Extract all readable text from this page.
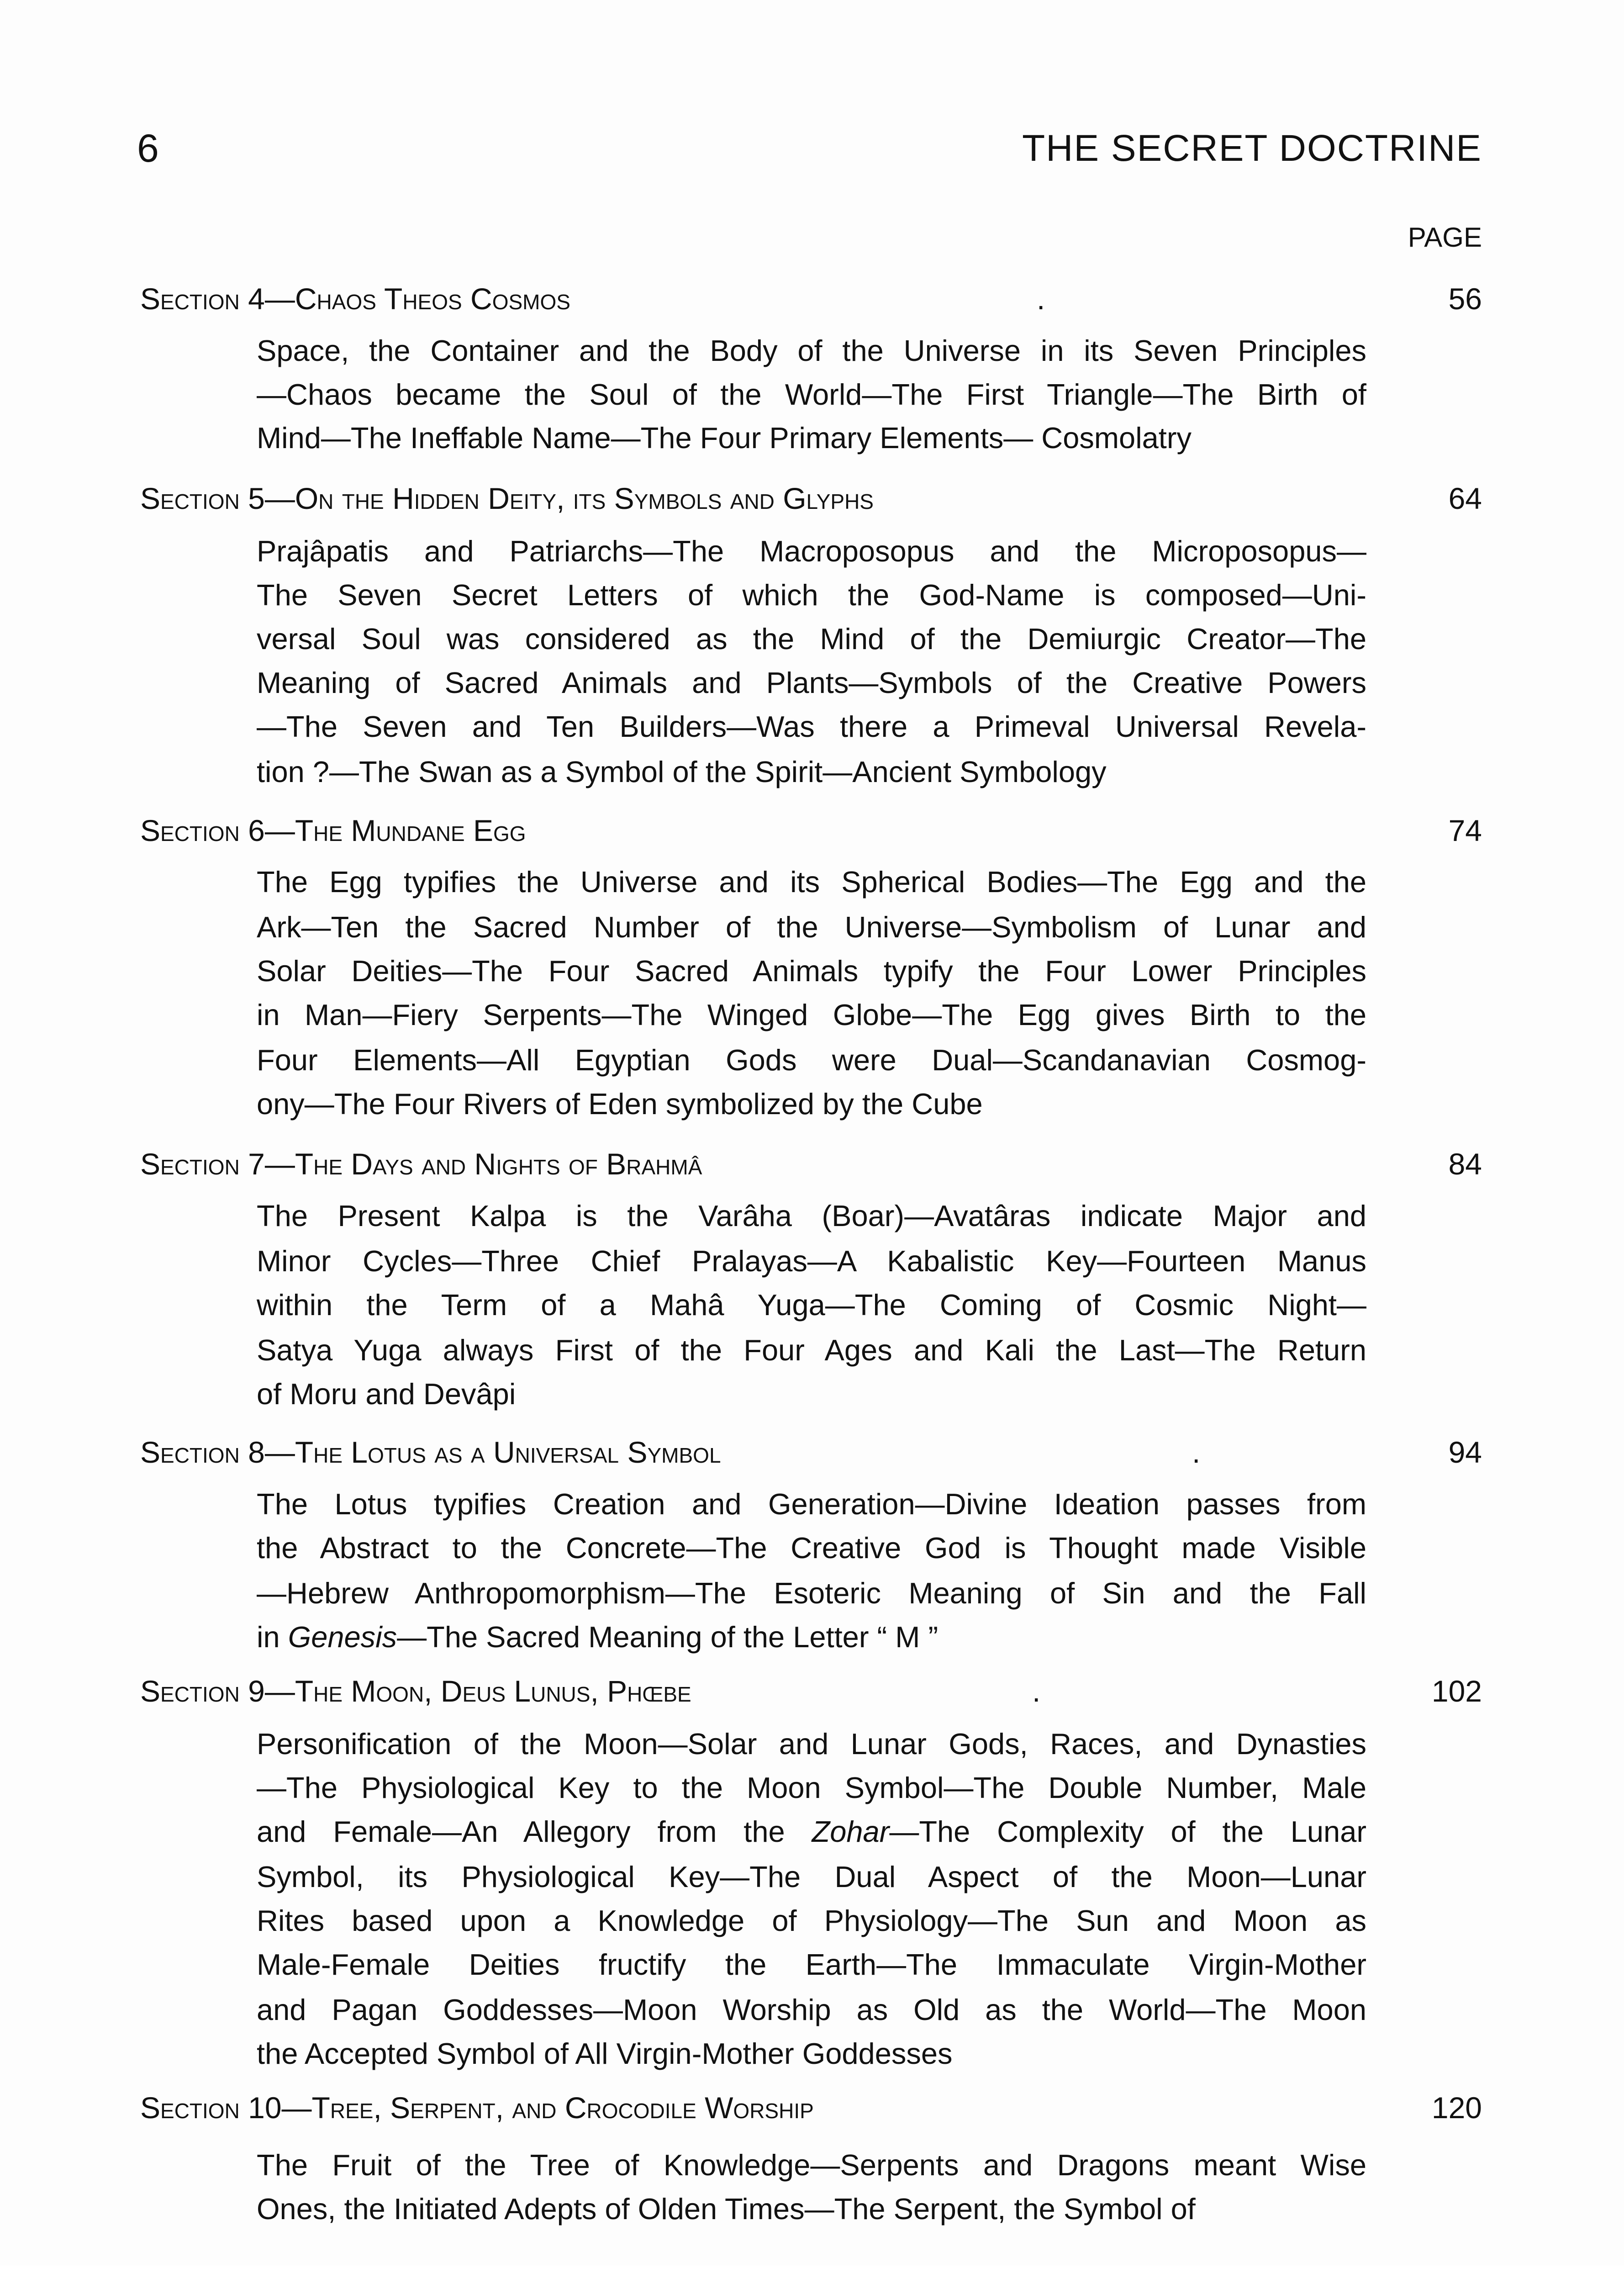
6	THE SECRET DOCTRINE
PAGE
Section 4—Chaos Theos Cosmos	.	56
Space, the Container and the Body of the Universe in its Seven Principles
—Chaos became the Soul of the World—The First Triangle—The Birth of
Mind—The Ineffable Name—The Four Primary Elements— Cosmolatry
Section 5—On the Hidden Deity, its Symbols and Glyphs	64
Prajâpatis and Patriarchs—The Macroposopus and the Microposopus—
The Seven Secret Letters of which the God-Name is composed—Uni-
versal Soul was considered as the Mind of the Demiurgic Creator—The
Meaning of Sacred Animals and Plants—Symbols of the Creative Powers
—The Seven and Ten Builders—Was there a Primeval Universal Revela-
tion ?—The Swan as a Symbol of the Spirit—Ancient Symbology
Section 6—The Mundane Egg	74
The Egg typifies the Universe and its Spherical Bodies—The Egg and the
Ark—Ten the Sacred Number of the Universe—Symbolism of Lunar and
Solar Deities—The Four Sacred Animals typify the Four Lower Principles
in Man—Fiery Serpents—The Winged Globe—The Egg gives Birth to the
Four Elements—All Egyptian Gods were Dual—Scandanavian Cosmog-
ony—The Four Rivers of Eden symbolized by the Cube
Section 7—The Days and Nights of Brahmâ	84
The Present Kalpa is the Varâha (Boar)—Avatâras indicate Major and
Minor Cycles—Three Chief Pralayas—A Kabalistic Key—Fourteen Manus
within the Term of a Mahâ Yuga—The Coming of Cosmic Night—
Satya Yuga always First of the Four Ages and Kali the Last—The Return
of Moru and Devâpi
Section 8—The Lotus as a Universal Symbol	.	94
The Lotus typifies Creation and Generation—Divine Ideation passes from
the Abstract to the Concrete—The Creative God is Thought made Visible
—Hebrew Anthropomorphism—The Esoteric Meaning of Sin and the Fall
in Genesis—The Sacred Meaning of the Letter “ M ”
Section 9—The Moon, Deus Lunus, Phœbe	.	102
Personification of the Moon—Solar and Lunar Gods, Races, and Dynasties
—The Physiological Key to the Moon Symbol—The Double Number, Male
and Female—An Allegory from the Zohar—The Complexity of the Lunar
Symbol, its Physiological Key—The Dual Aspect of the Moon—Lunar
Rites based upon a Knowledge of Physiology—The Sun and Moon as
Male-Female Deities fructify the Earth—The Immaculate Virgin-Mother
and Pagan Goddesses—Moon Worship as Old as the World—The Moon
the Accepted Symbol of All Virgin-Mother Goddesses
Section 10—Tree, Serpent, and Crocodile Worship	120
The Fruit of the Tree of Knowledge—Serpents and Dragons meant Wise
Ones, the Initiated Adepts of Olden Times—The Serpent, the Symbol of
